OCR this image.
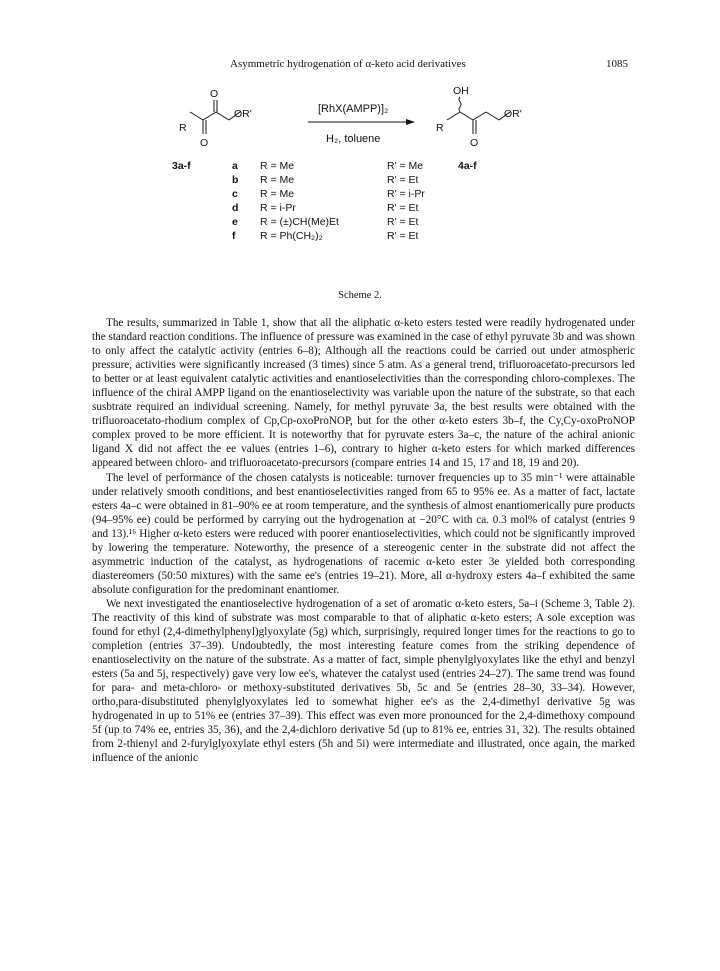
Asymmetric hydrogenation of α-keto acid derivatives	1085
O
OR'
R
O
[RhX(AMPP)]₂
H₂, toluene
OH
OR'
R
O
3a-f	4a-f
a R = Me	R' = Me
b R = Me	R' = Et
c R = Me	R' = i-Pr
d R = i-Pr	R' = Et
e R = (±)CH(Me)Et	R' = Et
f R = Ph(CH₂)₂	R' = Et
Scheme 2.

The results, summarized in Table 1, show that all the aliphatic α-keto esters tested were readily hydrogenated under the standard reaction conditions. The influence of pressure was examined in the case of ethyl pyruvate 3b and was shown to only affect the catalytic activity (entries 6–8); Although all the reactions could be carried out under atmospheric pressure, activities were significantly increased (3 times) since 5 atm. As a general trend, trifluoroacetato-precursors led to better or at least equivalent catalytic activities and enantioselectivities than the corresponding chloro-complexes. The influence of the chiral AMPP ligand on the enantioselectivity was variable upon the nature of the substrate, so that each susbtrate required an individual screening. Namely, for methyl pyruvate 3a, the best results were obtained with the trifluoroacetato-rhodium complex of Cp,Cp-oxoProNOP, but for the other α-keto esters 3b–f, the Cy,Cy-oxoProNOP complex proved to be more efficient. It is noteworthy that for pyruvate esters 3a–c, the nature of the achiral anionic ligand X did not affect the ee values (entries 1–6), contrary to higher α-keto esters for which marked differences appeared between chloro- and trifluoroacetato-precursors (compare entries 14 and 15, 17 and 18, 19 and 20).

The level of performance of the chosen catalysts is noticeable: turnover frequencies up to 35 min⁻¹ were attainable under relatively smooth conditions, and best enantioselectivities ranged from 65 to 95% ee. As a matter of fact, lactate esters 4a–c were obtained in 81–90% ee at room temperature, and the synthesis of almost enantiomerically pure products (94–95% ee) could be performed by carrying out the hydrogenation at −20°C with ca. 0.3 mol% of catalyst (entries 9 and 13).¹⁶ Higher α-keto esters were reduced with poorer enantioselectivities, which could not be significantly improved by lowering the temperature. Noteworthy, the presence of a stereogenic center in the substrate did not affect the asymmetric induction of the catalyst, as hydrogenations of racemic α-keto ester 3e yielded both corresponding diastereomers (50:50 mixtures) with the same ee's (entries 19–21). More, all α-hydroxy esters 4a–f exhibited the same absolute configuration for the predominant enantiomer.

We next investigated the enantioselective hydrogenation of a set of aromatic α-keto esters, 5a–i (Scheme 3, Table 2). The reactivity of this kind of substrate was most comparable to that of aliphatic α-keto esters; A sole exception was found for ethyl (2,4-dimethylphenyl)glyoxylate (5g) which, surprisingly, required longer times for the reactions to go to completion (entries 37–39). Undoubtedly, the most interesting feature comes from the striking dependence of enantioselectivity on the nature of the substrate. As a matter of fact, simple phenylglyoxylates like the ethyl and benzyl esters (5a and 5j, respectively) gave very low ee's, whatever the catalyst used (entries 24–27). The same trend was found for para- and meta-chloro- or methoxy-substituted derivatives 5b, 5c and 5e (entries 28–30, 33–34). However, ortho,para-disubstituted phenylglyoxylates led to somewhat higher ee's as the 2,4-dimethyl derivative 5g was hydrogenated in up to 51% ee (entries 37–39). This effect was even more pronounced for the 2,4-dimethoxy compound 5f (up to 74% ee, entries 35, 36), and the 2,4-dichloro derivative 5d (up to 81% ee, entries 31, 32). The results obtained from 2-thienyl and 2-furylglyoxylate ethyl esters (5h and 5i) were intermediate and illustrated, once again, the marked influence of the anionic
